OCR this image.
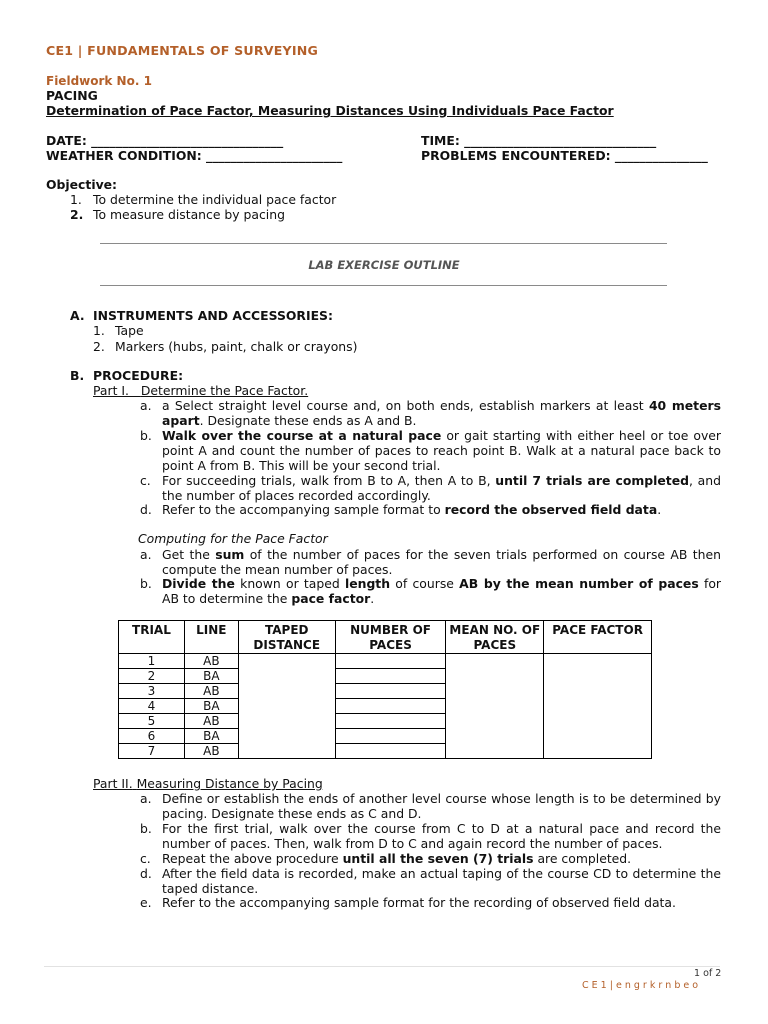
CE1 | FUNDAMENTALS OF SURVEYING
Fieldwork No. 1
PACING
Determination of Pace Factor, Measuring Distances Using Individuals Pace Factor
DATE: _______________________________	TIME: _______________________________
WEATHER CONDITION: ______________________	PROBLEMS ENCOUNTERED: _______________
Objective:
1. To determine the individual pace factor
2. To measure distance by pacing
LAB EXERCISE OUTLINE
A. INSTRUMENTS AND ACCESSORIES:
1. Tape
2. Markers (hubs, paint, chalk or crayons)
B. PROCEDURE:
Part I. Determine the Pace Factor.
a. a Select straight level course and, on both ends, establish markers at least 40 meters apart. Designate these ends as A and B.
b. Walk over the course at a natural pace or gait starting with either heel or toe over point A and count the number of paces to reach point B. Walk at a natural pace back to point A from B. This will be your second trial.
c. For succeeding trials, walk from B to A, then A to B, until 7 trials are completed, and the number of places recorded accordingly.
d. Refer to the accompanying sample format to record the observed field data.
Computing for the Pace Factor
a. Get the sum of the number of paces for the seven trials performed on course AB then compute the mean number of paces.
b. Divide the known or taped length of course AB by the mean number of paces for AB to determine the pace factor.
TRIAL	LINE	TAPED DISTANCE	NUMBER OF PACES	MEAN NO. OF PACES	PACE FACTOR
1	AB				
2	BA				
3	AB				
4	BA				
5	AB				
6	BA				
7	AB				
Part II. Measuring Distance by Pacing
a. Define or establish the ends of another level course whose length is to be determined by pacing. Designate these ends as C and D.
b. For the first trial, walk over the course from C to D at a natural pace and record the number of paces. Then, walk from D to C and again record the number of paces.
c. Repeat the above procedure until all the seven (7) trials are completed.
d. After the field data is recorded, make an actual taping of the course CD to determine the taped distance.
e. Refer to the accompanying sample format for the recording of observed field data.
1 of 2
C E 1 | e n g r k r n b e o
